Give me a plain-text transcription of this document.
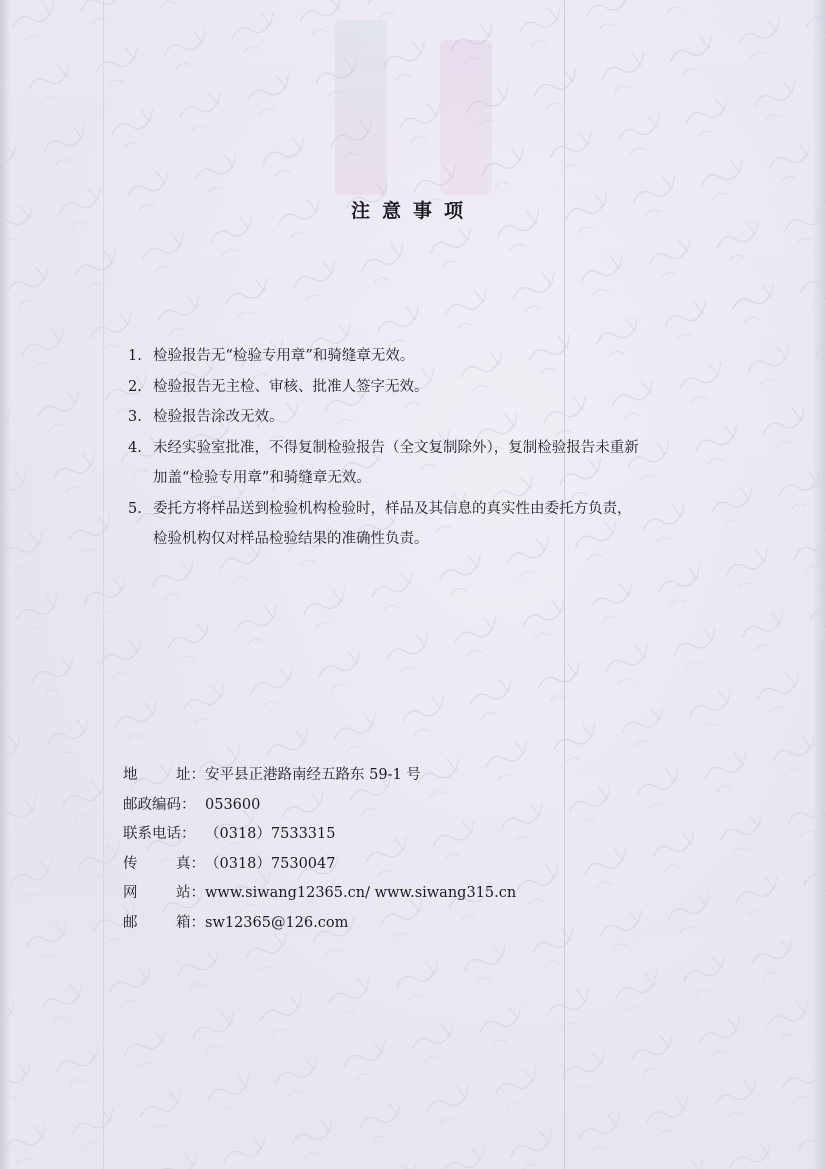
注意事项
1. 检验报告无“检验专用章”和骑缝章无效。
2. 检验报告无主检、审核、批准人签字无效。
3. 检验报告涂改无效。
4. 未经实验室批准，不得复制检验报告（全文复制除外），复制检验报告未重新
加盖“检验专用章”和骑缝章无效。
5. 委托方将样品送到检验机构检验时，样品及其信息的真实性由委托方负责，
检验机构仅对样品检验结果的准确性负责。
地	址： 安平县正港路南经五路东 59-1 号
邮政编码： 053600
联系电话： （0318）7533315
传	真： （0318）7530047
网	站： www.siwang12365.cn/ www.siwang315.cn
邮	箱： sw12365@126.com
